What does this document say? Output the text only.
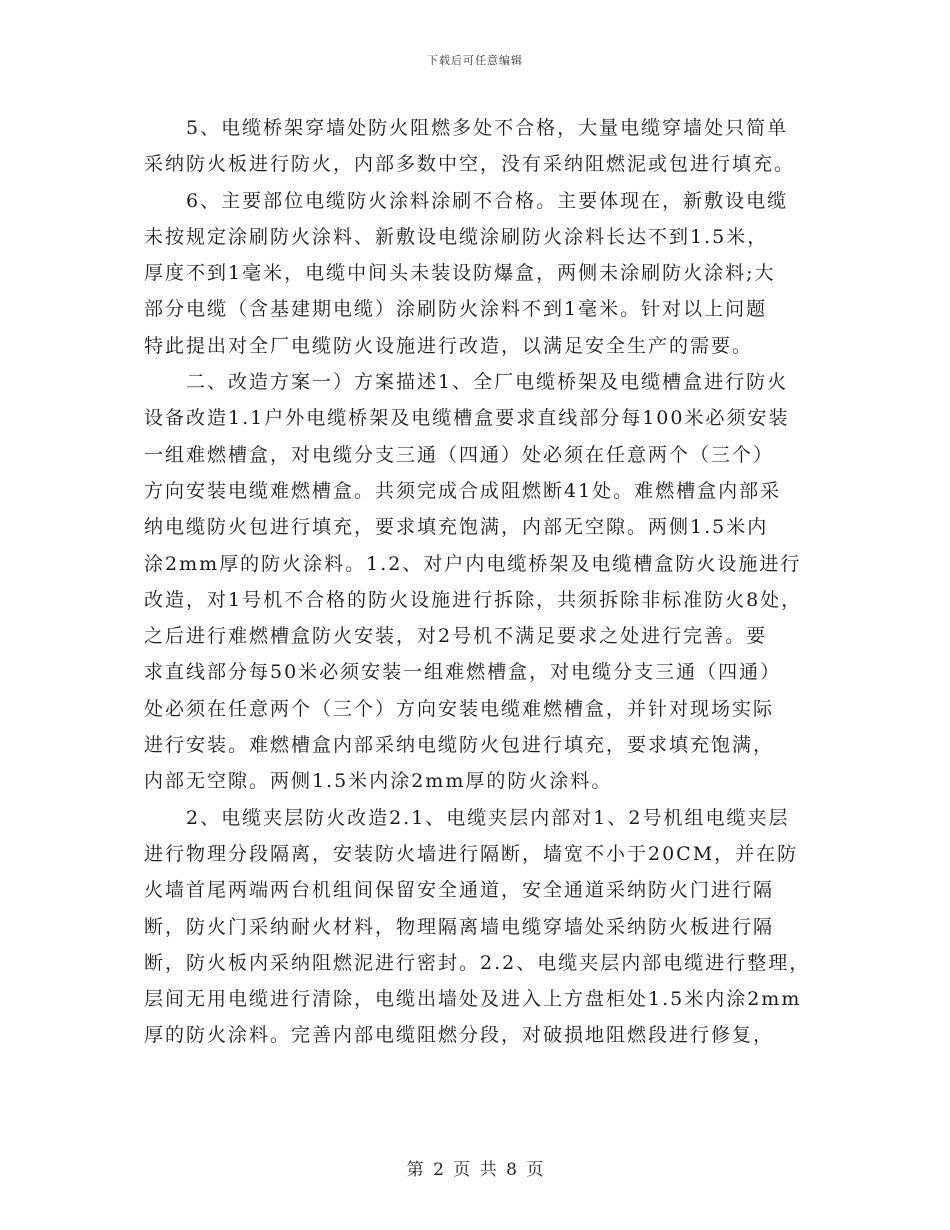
下载后可任意编辑
5、电缆桥架穿墙处防火阻燃多处不合格，大量电缆穿墙处只简单
采纳防火板进行防火，内部多数中空，没有采纳阻燃泥或包进行填充。
6、主要部位电缆防火涂料涂刷不合格。主要体现在，新敷设电缆
未按规定涂刷防火涂料、新敷设电缆涂刷防火涂料长达不到1.5米，
厚度不到1毫米，电缆中间头未装设防爆盒，两侧未涂刷防火涂料;大
部分电缆（含基建期电缆）涂刷防火涂料不到1毫米。针对以上问题
特此提出对全厂电缆防火设施进行改造，以满足安全生产的需要。
二、改造方案一）方案描述1、全厂电缆桥架及电缆槽盒进行防火
设备改造1.1户外电缆桥架及电缆槽盒要求直线部分每100米必须安装
一组难燃槽盒，对电缆分支三通（四通）处必须在任意两个（三个）
方向安装电缆难燃槽盒。共须完成合成阻燃断41处。难燃槽盒内部采
纳电缆防火包进行填充，要求填充饱满，内部无空隙。两侧1.5米内
涂2mm厚的防火涂料。1.2、对户内电缆桥架及电缆槽盒防火设施进行
改造，对1号机不合格的防火设施进行拆除，共须拆除非标准防火8处，
之后进行难燃槽盒防火安装，对2号机不满足要求之处进行完善。要
求直线部分每50米必须安装一组难燃槽盒，对电缆分支三通（四通）
处必须在任意两个（三个）方向安装电缆难燃槽盒，并针对现场实际
进行安装。难燃槽盒内部采纳电缆防火包进行填充，要求填充饱满，
内部无空隙。两侧1.5米内涂2mm厚的防火涂料。
2、电缆夹层防火改造2.1、电缆夹层内部对1、2号机组电缆夹层
进行物理分段隔离，安装防火墙进行隔断，墙宽不小于20CM，并在防
火墙首尾两端两台机组间保留安全通道，安全通道采纳防火门进行隔
断，防火门采纳耐火材料，物理隔离墙电缆穿墙处采纳防火板进行隔
断，防火板内采纳阻燃泥进行密封。2.2、电缆夹层内部电缆进行整理，
层间无用电缆进行清除，电缆出墙处及进入上方盘柜处1.5米内涂2mm
厚的防火涂料。完善内部电缆阻燃分段，对破损地阻燃段进行修复，
第 2 页 共 8 页
